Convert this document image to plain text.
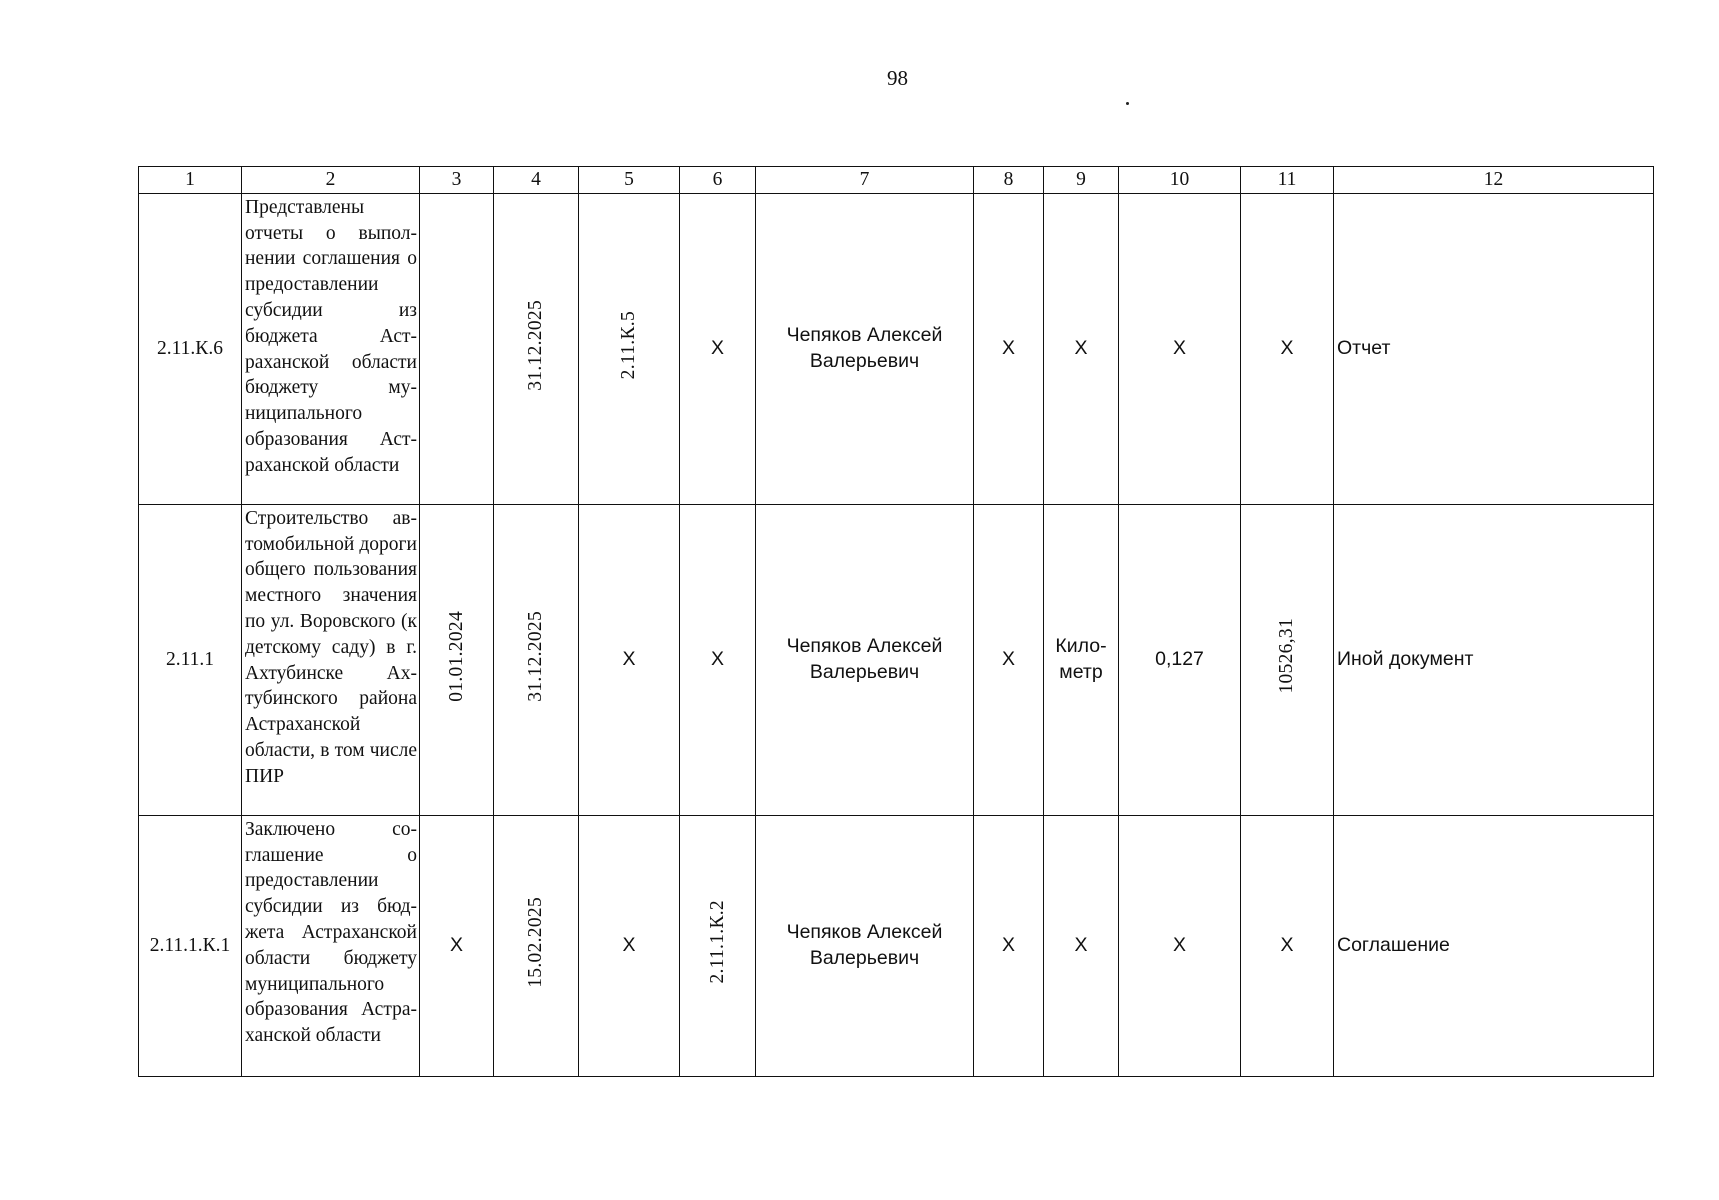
98
1	2	3	4	5	6	7	8	9	10	11	12
2.11.К.6	Представлены отчеты о выполнении соглашения о предоставлении субсидии из бюджета Астраханской области бюджету муниципального образования Астраханской области		31.12.2025	2.11.К.5	X	Чепяков Алексей Валерьевич	X	X	X	X	Отчет
2.11.1	Строительство автомобильной дороги общего пользования местного значения по ул. Воровского (к детскому саду) в г. Ахтубинске Ахтубинского района Астраханской области, в том числе ПИР	01.01.2024	31.12.2025	X	X	Чепяков Алексей Валерьевич	X	Кило-метр	0,127	10526,31	Иной документ
2.11.1.К.1	Заключено соглашение о предоставлении субсидии из бюджета Астраханской области бюджету муниципального образования Астраханской области	X	15.02.2025	X	2.11.1.К.2	Чепяков Алексей Валерьевич	X	X	X	X	Соглашение
